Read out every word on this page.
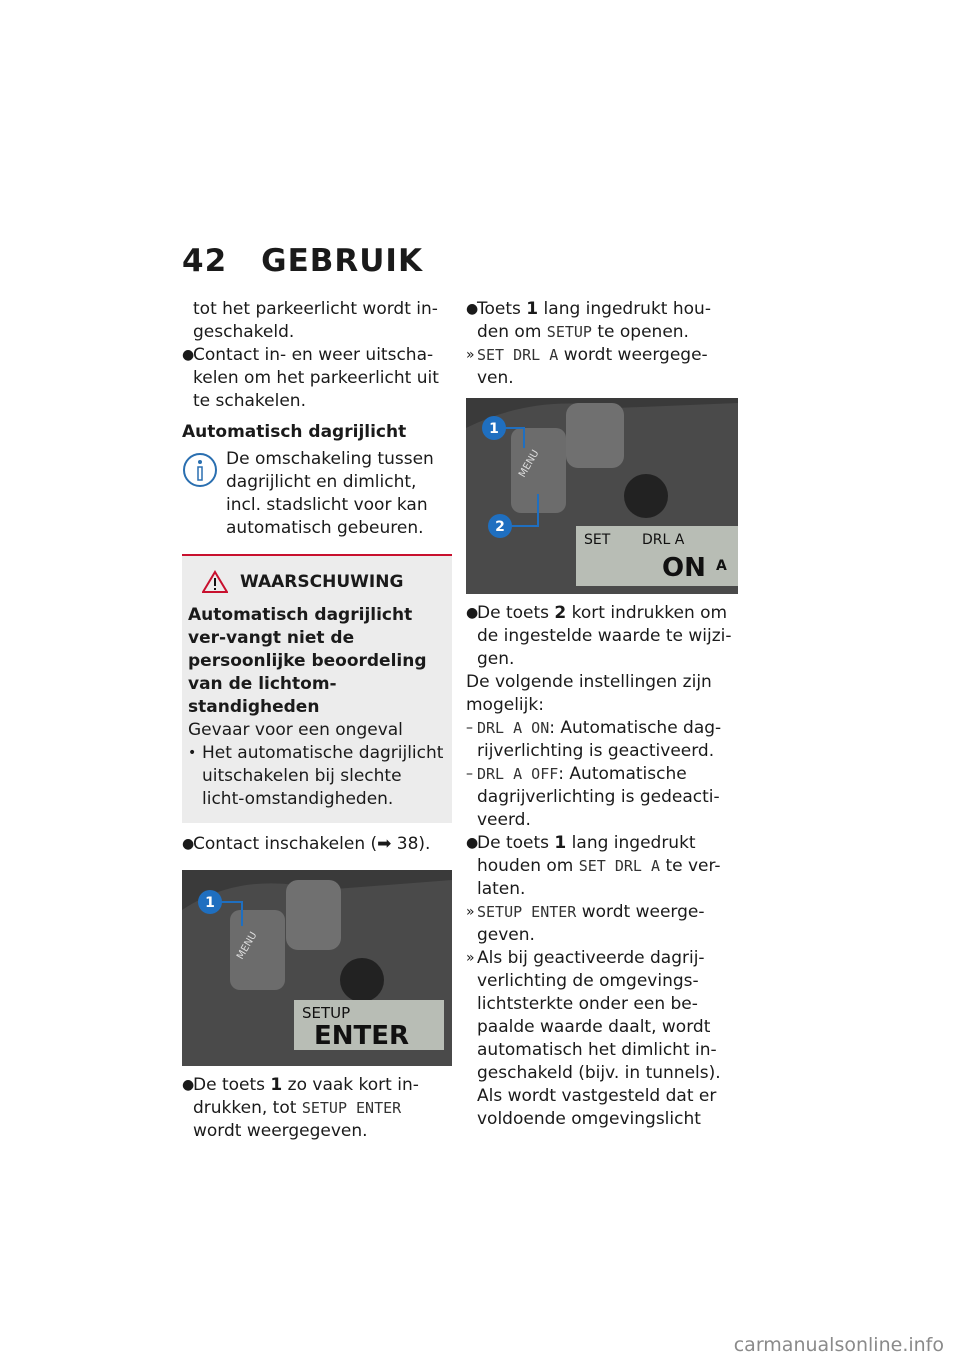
42 GEBRUIK

tot het parkeerlicht wordt in-geschakeld.

●
Contact in- en weer uitscha-kelen om het parkeerlicht uit te schakelen.

Automatisch dagrijlicht

De omschakeling tussen dagrijlicht en dimlicht, incl. stadslicht voor kan automatisch gebeuren.
WAARSCHUWING

Automatisch dagrijlicht ver-vangt niet de persoonlijke beoordeling van de lichtom-standigheden

Gevaar voor een ongeval

• Het automatische dagrijlicht uitschakelen bij slechte licht-omstandigheden.

●
Contact inschakelen (➡ 38).

1
MENU
SETUP
ENTER

●
De toets 1 zo vaak kort in-drukken, tot SETUP ENTER wordt weergegeven.

●
Toets 1 lang ingedrukt hou-den om SETUP te openen.

» SET DRL A wordt weergege-ven.

1
2
MENU
SET DRL A
ON A

●
De toets 2 kort indrukken om de ingestelde waarde te wijzi-gen.

De volgende instellingen zijn mogelijk:

– DRL A ON: Automatische dag-rijverlichting is geactiveerd.

– DRL A OFF: Automatische dagrijverlichting is gedeacti-veerd.

●
De toets 1 lang ingedrukt houden om SET DRL A te ver-laten.

» SETUP ENTER wordt weerge-geven.

» Als bij geactiveerde dagrij-verlichting de omgevings-lichtsterkte onder een be-paalde waarde daalt, wordt automatisch het dimlicht in-geschakeld (bijv. in tunnels). Als wordt vastgesteld dat er voldoende omgevingslicht

carmanualsonline.info
